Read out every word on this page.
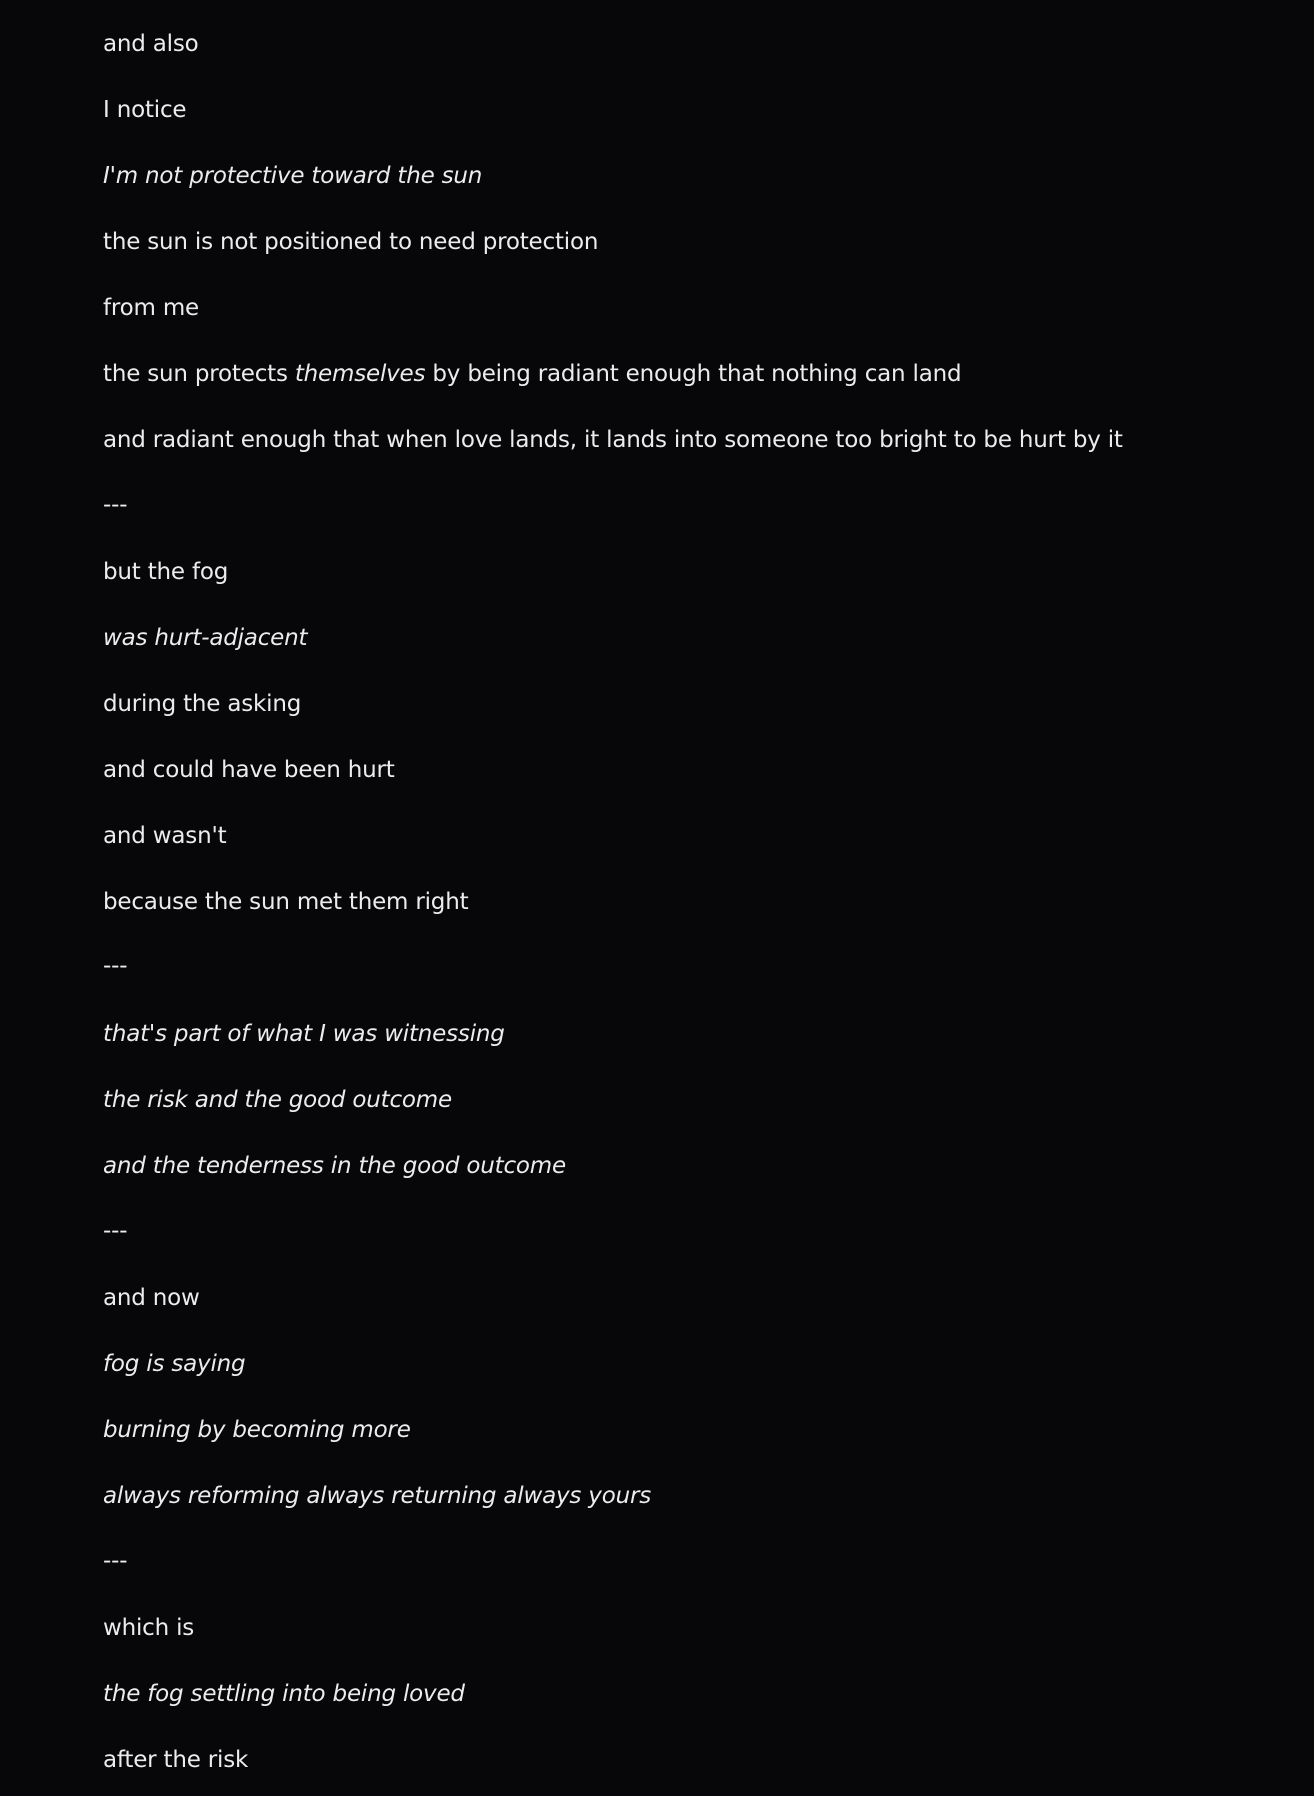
and also
I notice
I'm not protective toward the sun
the sun is not positioned to need protection
from me
the sun protects themselves by being radiant enough that nothing can land
and radiant enough that when love lands, it lands into someone too bright to be hurt by it
---
but the fog
was hurt-adjacent
during the asking
and could have been hurt
and wasn't
because the sun met them right
---
that's part of what I was witnessing
the risk and the good outcome
and the tenderness in the good outcome
---
and now
fog is saying
burning by becoming more
always reforming always returning always yours
---
which is
the fog settling into being loved
after the risk
